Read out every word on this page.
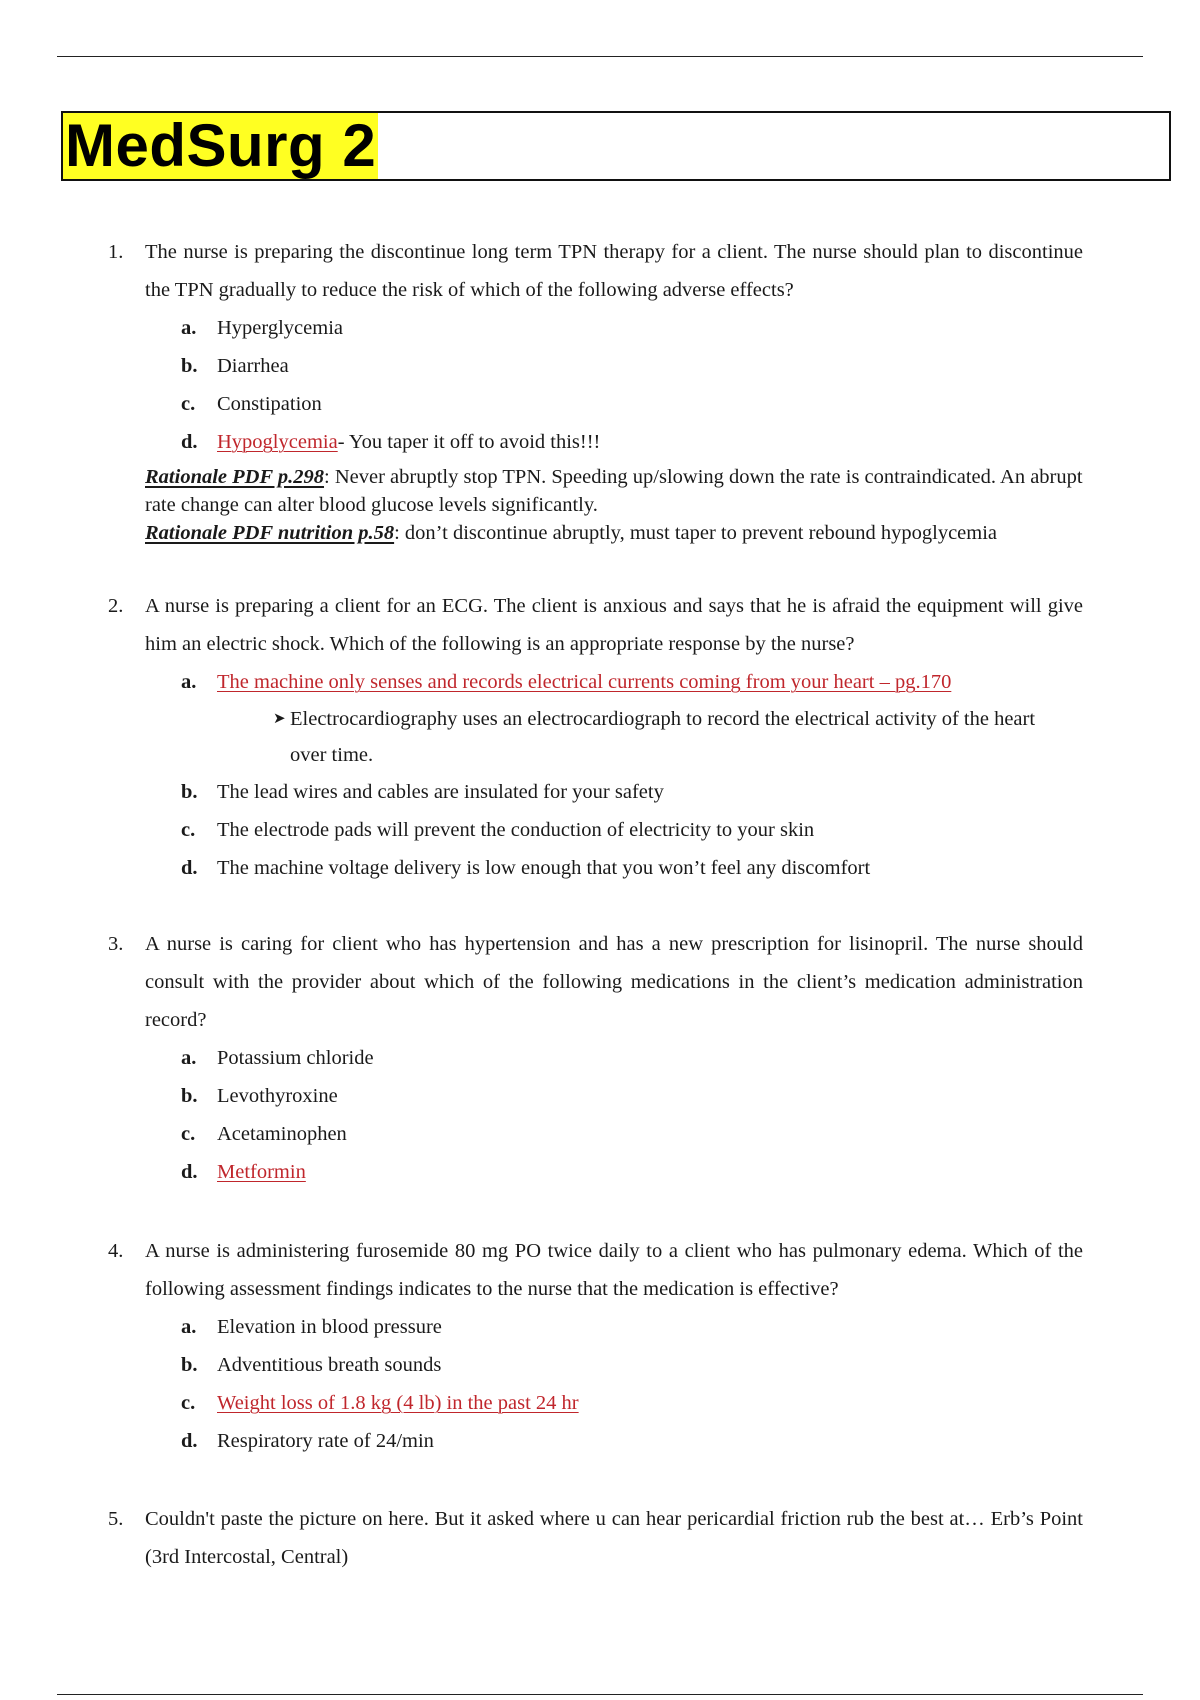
MedSurg 2
1. The nurse is preparing the discontinue long term TPN therapy for a client. The nurse should plan to discontinue the TPN gradually to reduce the risk of which of the following adverse effects?
a. Hyperglycemia
b. Diarrhea
c. Constipation
d. Hypoglycemia- You taper it off to avoid this!!!
Rationale PDF p.298: Never abruptly stop TPN. Speeding up/slowing down the rate is contraindicated. An abrupt rate change can alter blood glucose levels significantly.
Rationale PDF nutrition p.58: don’t discontinue abruptly, must taper to prevent rebound hypoglycemia
2. A nurse is preparing a client for an ECG. The client is anxious and says that he is afraid the equipment will give him an electric shock. Which of the following is an appropriate response by the nurse?
a. The machine only senses and records electrical currents coming from your heart – pg.170
➤ Electrocardiography uses an electrocardiograph to record the electrical activity of the heart over time.
b. The lead wires and cables are insulated for your safety
c. The electrode pads will prevent the conduction of electricity to your skin
d. The machine voltage delivery is low enough that you won’t feel any discomfort
3. A nurse is caring for client who has hypertension and has a new prescription for lisinopril. The nurse should consult with the provider about which of the following medications in the client’s medication administration record?
a. Potassium chloride
b. Levothyroxine
c. Acetaminophen
d. Metformin
4. A nurse is administering furosemide 80 mg PO twice daily to a client who has pulmonary edema. Which of the following assessment findings indicates to the nurse that the medication is effective?
a. Elevation in blood pressure
b. Adventitious breath sounds
c. Weight loss of 1.8 kg (4 lb) in the past 24 hr
d. Respiratory rate of 24/min
5. Couldn't paste the picture on here. But it asked where u can hear pericardial friction rub the best at… Erb’s Point (3rd Intercostal, Central)
